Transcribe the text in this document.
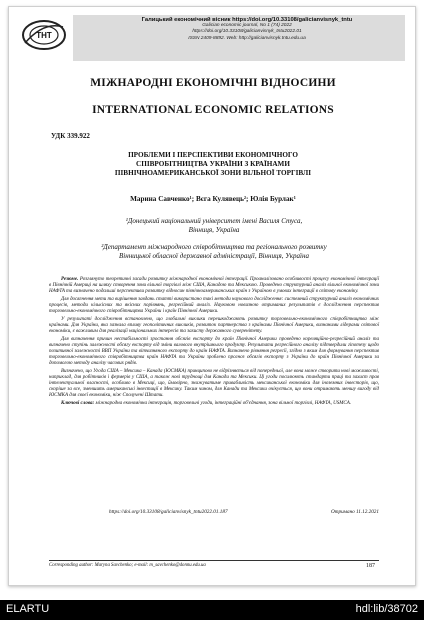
ТНТ
Галицький економічний вісник https://doi.org/10.33108/galicianvisnyk_tntu
Galician economic journal, No 1 (74) 2022
https://doi.org/10.33108/galicianvisnyk_tntu2022.01
ISSN 2409-8892. Web: http://galicianvisnyk.tntu.edu.ua
МІЖНАРОДНІ ЕКОНОМІЧНІ ВІДНОСИНИ
INTERNATIONAL ECONOMIC RELATIONS
УДК 339.922
ПРОБЛЕМИ І ПЕРСПЕКТИВИ ЕКОНОМІЧНОГО
СПІВРОБІТНИЦТВА УКРАЇНИ З КРАЇНАМИ
ПІВНІЧНОАМЕРИКАНСЬКОЇ ЗОНИ ВІЛЬНОЇ ТОРГІВЛІ
Марина Савченко¹; Вєга Кулявець²; Юлія Бурлак¹
¹Донецький національний університет імені Василя Стуса,
Вінниця, Україна
²Департамент міжнародного співробітництва та регіонального розвитку
Вінницької обласної державної адміністрації, Вінниця, Україна

Резюме. Розглянуто теоретичні засади розвитку міжнародної економічної інтеграції. Проаналізовано особливості процесу економічної інтеграції в Північній Америці на шляху створення зони вільної торгівлі між США, Канадою та Мексикою. Проведено структурний аналіз вільної економічної зони НАФТА та визначено подальші перспективи розвитку відносин північноамериканських країн з Україною в умовах інтеграції в світову економіку.

Для досягнення мети та вирішення завдань статті використано такі методи наукового дослідження: системний структурний аналіз економічних процесів, методи кількісних та якісних порівнянь, регресійний аналіз. Науковою новизною отриманих результатів є дослідження перспектив торговельно-економічного співробітництва України і країн Північної Америки.

У результаті дослідження встановлено, що глобальні виклики перешкоджають розвитку торговельно-економічного співробітництва між країнами. Для України, яка зазнала впливу геополітичних викликів, розвиток партнерства з країнами Північної Америки, визнаними лідерами світової економіки, є важливим для реалізації національних інтересів та захисту державного суверенітету.

Для визначення причин нестабільності зростання обсягів експорту до країн Північної Америки проведено кореляційно-регресійний аналіз та визначено ступінь залежності обсягу експорту від зміни валового внутрішнього продукту. Результати регресійного аналізу підтвердили гіпотезу щодо позитивної залежності ВВП України та вітчизняного експорту до країн НАФТА. Визначено рівняння регресії, згідно з яким для формування перспектив торговельно-економічного співробітництва країн НАФТА та України зроблено прогноз обсягів експорту з України до країн Північної Америки за допомогою методу аналізу часових рядів.

Визначено, що Угода США – Мексика – Канада (ЮСМКА) принципово не відрізняється від попередньої, але вона може створити нові можливості, наприклад, для робітників і фермерів у США, а також нові труднощі для Канади та Мексики. Ці угоди посилюють стандарти праці та захист прав інтелектуальної власності, особливо в Мексиці, що, ймовірно, знижуватиме привабливість мексиканської економіки для іноземних інвесторів, що, скоріше за все, зменшить американські інвестиції в Мексику. Таким чином, для Канади та Мексики очікується, що вони отримають меншу вигоду від ЮСМКА для своєї економіки, ніж Сполучені Штати.

Ключові слова: міжнародна економічна інтеграція, торговельні угоди, інтеграційні об'єднання, зона вільної торгівлі, НАФТА, USMCA.

https://doi.org/10.33108/galicianvisnyk_tntu2022.01.187	Отримано 11.12.2021
Corresponding author: Maryna Savchenko; e-mail: m_savchenko@donnu.edu.ua	187
ELARTU	hdl:lib/38702
